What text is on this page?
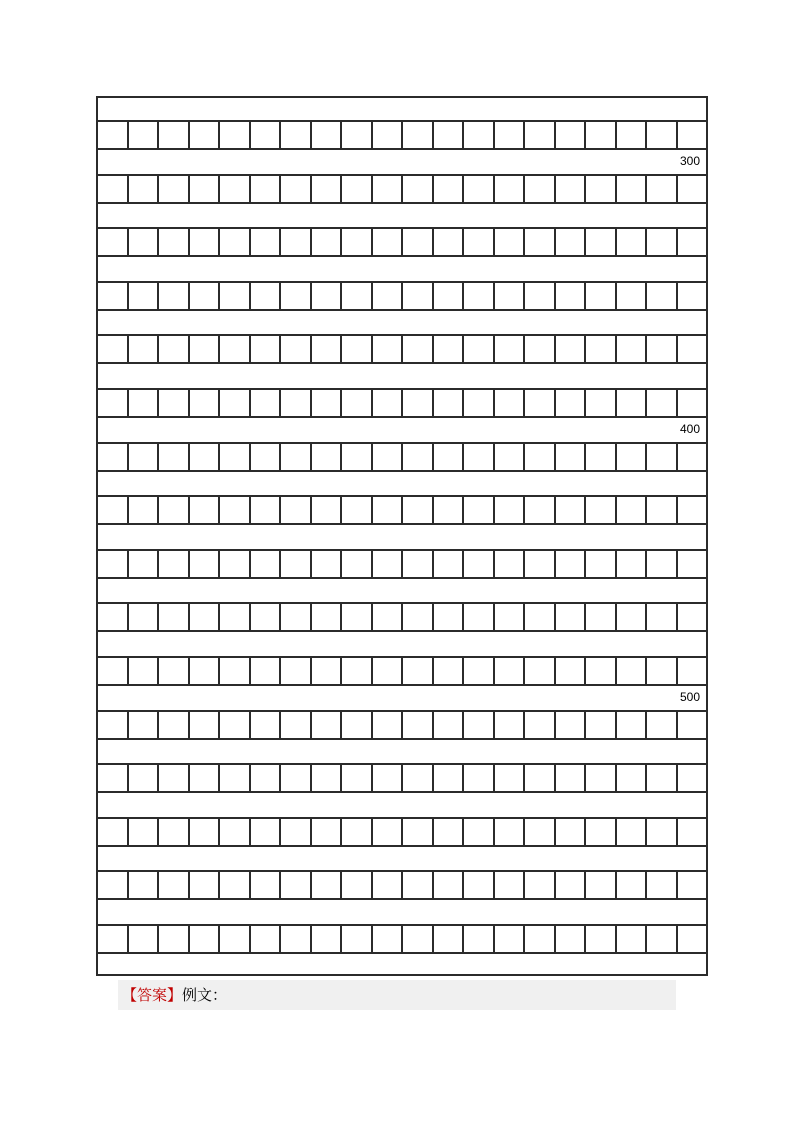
300
400
500
【答案】例文：
